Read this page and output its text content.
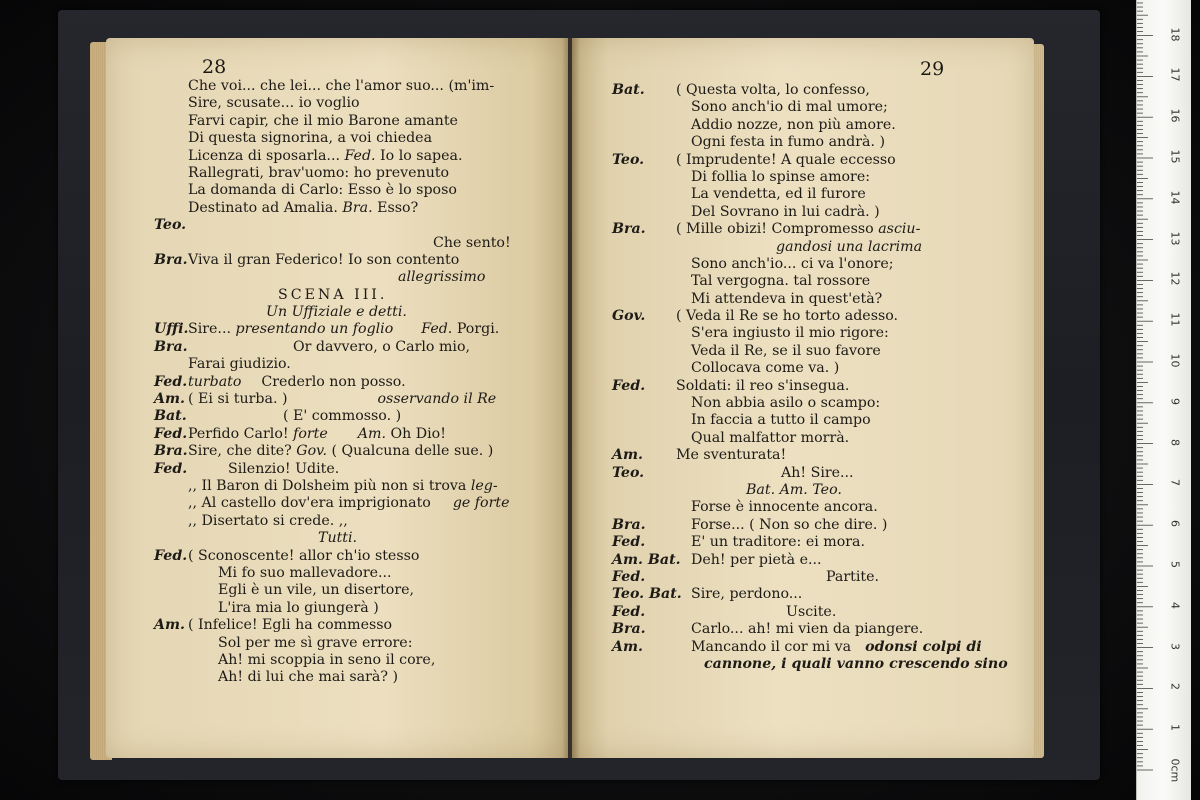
28
Che voi... che lei... che l'amor suo... (m'im-
Sire, scusate... io voglio
Farvi capir, che il mio Barone amante
Di questa signorina, a voi chiedea
Licenza di sposarla... Fed. Io lo sapea.
Rallegrati, brav'uomo: ho prevenuto
La domanda di Carlo: Esso è lo sposo
Destinato ad Amalia. Bra. Esso?
Teo.
Che sento!
Bra. Viva il gran Federico! Io son contento
allegrissimo
SCENA III.
Un Uffiziale e detti.
Uffi. Sire... presentando un foglio Fed. Porgi.
Bra.	Or davvero, o Carlo mio,
Farai giudizio.
Fed. turbato Crederlo non posso.
Am. ( Ei si turba. )	osservando il Re
Bat.	( E' commosso. )
Fed. Perfido Carlo! forte Am. Oh Dio!
Bra. Sire, che dite? Gov. ( Qualcuna delle sue. )
Fed.	Silenzio! Udite.
,, Il Baron di Dolsheim più non si trova leg-
,, Al castello dov'era imprigionato ge forte
,, Disertato si crede. ,,
Tutti.
Fed. ( Sconoscente! allor ch'io stesso
Mi fo suo mallevadore...
Egli è un vile, un disertore,
L'ira mia lo giungerà )
Am. ( Infelice! Egli ha commesso
Sol per me sì grave errore:
Ah! mi scoppia in seno il core,
Ah! di lui che mai sarà? )
29
Bat. ( Questa volta, lo confesso,
Sono anch'io di mal umore;
Addio nozze, non più amore.
Ogni festa in fumo andrà. )
Teo. ( Imprudente! A quale eccesso
Di follia lo spinse amore:
La vendetta, ed il furore
Del Sovrano in lui cadrà. )
Bra. ( Mille obizi! Compromesso asciu-
gandosi una lacrima
Sono anch'io... ci va l'onore;
Tal vergogna. tal rossore
Mi attendeva in quest'età?
Gov. ( Veda il Re se ho torto adesso.
S'era ingiusto il mio rigore:
Veda il Re, se il suo favore
Collocava come va. )
Fed. Soldati: il reo s'insegua.
Non abbia asilo o scampo:
In faccia a tutto il campo
Qual malfattor morrà.
Am. Me sventurata!
Teo.	Ah! Sire...
Bat. Am. Teo.
Forse è innocente ancora.
Bra.	Forse... ( Non so che dire. )
Fed.	E' un traditore: ei mora.
Am. Bat. Deh! per pietà e...
Fed.	Partite.
Teo. Bat. Sire, perdono...
Fed.	Uscite.
Bra.	Carlo... ah! mi vien da piangere.
Am.	Mancando il cor mi va odonsi colpi di
cannone, i quali vanno crescendo sino
0cm
1
2
3
4
5
6
7
8
9
10
11
12
13
14
15
16
17
18
